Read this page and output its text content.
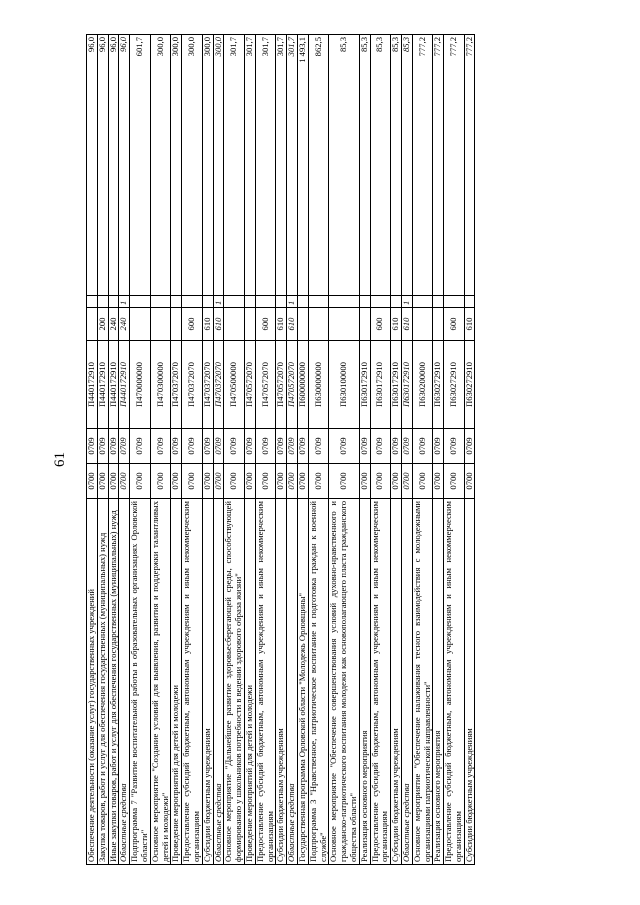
61
Обеспечение деятельности (оказание услуг) государственных учреждений	0700	0709	П440172910			96,0
Закупка товаров, работ и услуг для обеспечения государственных (муниципальных) нужд	0700	0709	П440172910	200		96,0
Иные закупки товаров, работ и услуг для обеспечения государственных (муниципальных) нужд	0700	0709	П440172910	240		96,0
Областные средства	0700	0709	П440172910	240	1	96,0
Подпрограмма 7 "Развитие воспитательной работы в образовательных организациях Орловской области"	0700	0709	П470000000			601,7
Основное мероприятие "Создание условий для выявления, развития и поддержки талантливых детей и молодежи"	0700	0709	П470300000			300,0
Проведение мероприятий для детей и молодежи	0700	0709	П470372070			300,0
Предоставление субсидий бюджетным, автономным учреждениям и иным некоммерческим организациям	0700	0709	П470372070	600		300,0
Субсидии бюджетным учреждениям	0700	0709	П470372070	610		300,0
Областные средства	0700	0709	П470372070	610	1	300,0
Основное мероприятие "Дальнейшее развитие здоровьесберегающей среды, способствующей формированию у школьников потребности в ведении здорового образа жизни"	0700	0709	П470500000			301,7
Проведение мероприятий для детей и молодежи	0700	0709	П470572070			301,7
Предоставление субсидий бюджетным, автономным учреждениям и иным некоммерческим организациям	0700	0709	П470572070	600		301,7
Субсидии бюджетным учреждениям	0700	0709	П470572070	610		301,7
Областные средства	0700	0709	П470572070	610	1	301,7
Государственная программа Орловской области "Молодежь Орловщины"	0700	0709	П600000000			1 493,1
Подпрограмма 3 "Нравственное, патриотическое воспитание и подготовка граждан к военной службе"	0700	0709	П630000000			862,5
Основное мероприятие "Обеспечение совершенствования условий духовно-нравственного и гражданско-патриотического воспитания молодежи как основополагающего пласта гражданского общества области"	0700	0709	П630100000			85,3
Реализация основного мероприятия	0700	0709	П630172910			85,3
Предоставление субсидий бюджетным, автономным учреждениям и иным некоммерческим организациям	0700	0709	П630172910	600		85,3
Субсидии бюджетным учреждениям	0700	0709	П630172910	610		85,3
Областные средства	0700	0709	П630172910	610	1	85,3
Основное мероприятие "Обеспечение налаживания тесного взаимодействия с молодежными организациями патриотической направленности"	0700	0709	П630200000			777,2
Реализация основного мероприятия	0700	0709	П630272910			777,2
Предоставление субсидий бюджетным, автономным учреждениям и иным некоммерческим организациям	0700	0709	П630272910	600		777,2
Субсидии бюджетным учреждениям	0700	0709	П630272910	610		777,2
